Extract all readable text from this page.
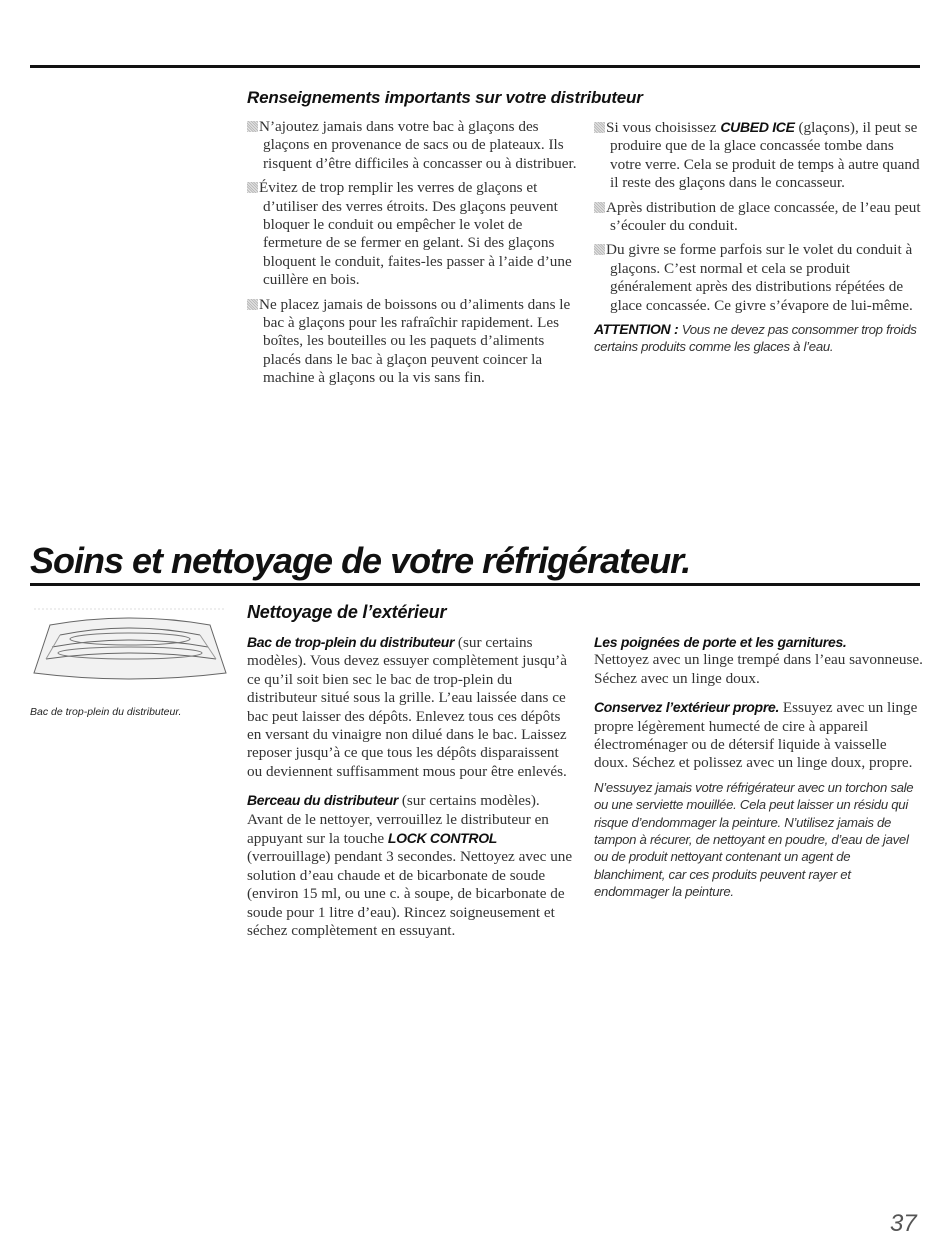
Renseignements importants sur votre distributeur

N’ajoutez jamais dans votre bac à glaçons des glaçons en provenance de sacs ou de plateaux. Ils risquent d’être difficiles à concasser ou à distribuer.

Évitez de trop remplir les verres de glaçons et d’utiliser des verres étroits. Des glaçons peuvent bloquer le conduit ou empêcher le volet de fermeture de se fermer en gelant. Si des glaçons bloquent le conduit, faites-les passer à l’aide d’une cuillère en bois.

Ne placez jamais de boissons ou d’aliments dans le bac à glaçons pour les rafraîchir rapidement. Les boîtes, les bouteilles ou les paquets d’aliments placés dans le bac à glaçon peuvent coincer la machine à glaçons ou la vis sans fin.

Si vous choisissez CUBED ICE (glaçons), il peut se produire que de la glace concassée tombe dans votre verre. Cela se produit de temps à autre quand il reste des glaçons dans le concasseur.

Après distribution de glace concassée, de l’eau peut s’écouler du conduit.

Du givre se forme parfois sur le volet du conduit à glaçons. C’est normal et cela se produit généralement après des distributions répétées de glace concassée. Ce givre s’évapore de lui-même.

ATTENTION : Vous ne devez pas consommer trop froids certains produits comme les glaces à l’eau.

Soins et nettoyage de votre réfrigérateur.
Bac de trop-plein du distributeur.
Nettoyage de l’extérieur

Bac de trop-plein du distributeur (sur certains modèles). Vous devez essuyer complètement jusqu’à ce qu’il soit bien sec le bac de trop-plein du distributeur situé sous la grille. L’eau laissée dans ce bac peut laisser des dépôts. Enlevez tous ces dépôts en versant du vinaigre non dilué dans le bac. Laissez reposer jusqu’à ce que tous les dépôts disparaissent ou deviennent suffisamment mous pour être enlevés.

Berceau du distributeur (sur certains modèles). Avant de le nettoyer, verrouillez le distributeur en appuyant sur la touche LOCK CONTROL (verrouillage) pendant 3 secondes. Nettoyez avec une solution d’eau chaude et de bicarbonate de soude (environ 15 ml, ou une c. à soupe, de bicarbonate de soude pour 1 litre d’eau). Rincez soigneusement et séchez complètement en essuyant.

Les poignées de porte et les garnitures.
Nettoyez avec un linge trempé dans l’eau savonneuse. Séchez avec un linge doux.

Conservez l’extérieur propre. Essuyez avec un linge propre légèrement humecté de cire à appareil électroménager ou de détersif liquide à vaisselle doux. Séchez et polissez avec un linge doux, propre.

N’essuyez jamais votre réfrigérateur avec un torchon sale ou une serviette mouillée. Cela peut laisser un résidu qui risque d’endommager la peinture. N’utilisez jamais de tampon à récurer, de nettoyant en poudre, d’eau de javel ou de produit nettoyant contenant un agent de blanchiment, car ces produits peuvent rayer et endommager la peinture.

37
